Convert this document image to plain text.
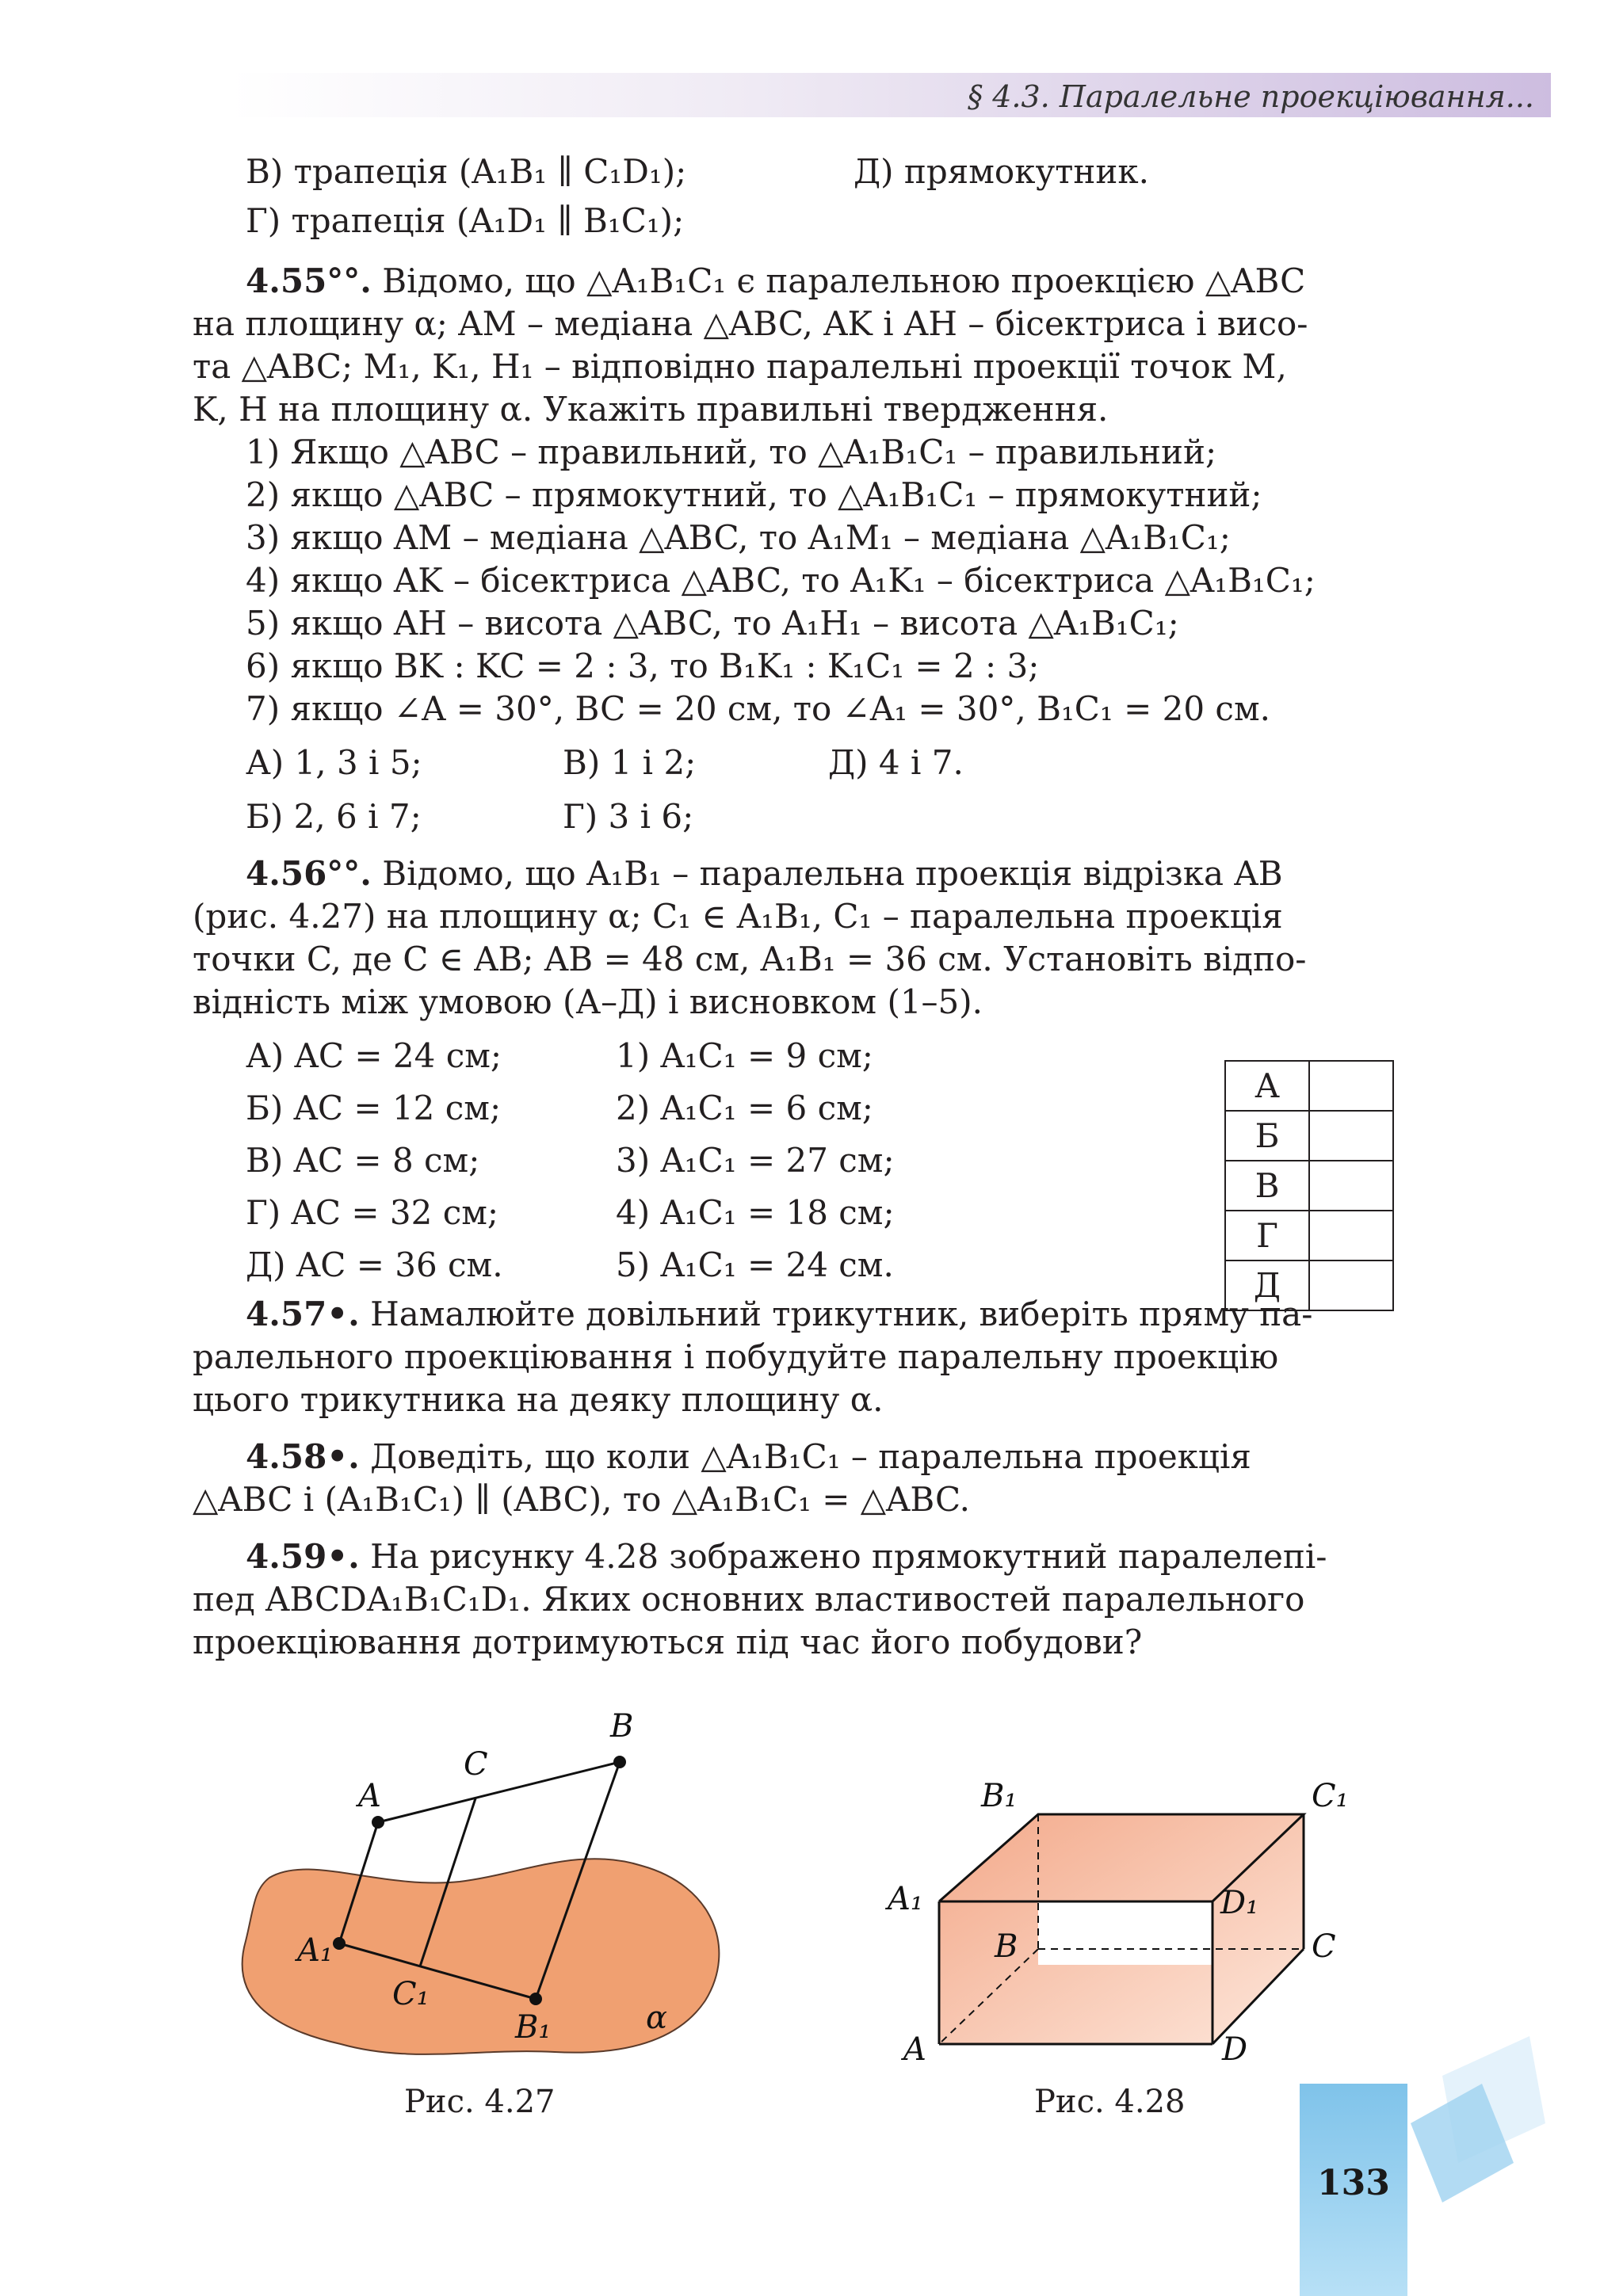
§ 4.3. Паралельне проекціювання...
В) трапеція (A₁B₁ ∥ C₁D₁);	Д) прямокутник.
Г) трапеція (A₁D₁ ∥ B₁C₁);
4.55°°. Відомо, що △A₁B₁C₁ є паралельною проекцією △ABC
на площину α; AM – медіана △ABC, AK і AH – бісектриса і висо-
та △ABC; M₁, K₁, H₁ – відповідно паралельні проекції точок M,
K, H на площину α. Укажіть правильні твердження.
1) Якщо △ABC – правильний, то △A₁B₁C₁ – правильний;
2) якщо △ABC – прямокутний, то △A₁B₁C₁ – прямокутний;
3) якщо AM – медіана △ABC, то A₁M₁ – медіана △A₁B₁C₁;
4) якщо AK – бісектриса △ABC, то A₁K₁ – бісектриса △A₁B₁C₁;
5) якщо AH – висота △ABC, то A₁H₁ – висота △A₁B₁C₁;
6) якщо BK : KC = 2 : 3, то B₁K₁ : K₁C₁ = 2 : 3;
7) якщо ∠A = 30°, BC = 20 см, то ∠A₁ = 30°, B₁C₁ = 20 см.
А) 1, 3 і 5;	В) 1 і 2;	Д) 4 і 7.
Б) 2, 6 і 7;	Г) 3 і 6;
4.56°°. Відомо, що A₁B₁ – паралельна проекція відрізка AB
(рис. 4.27) на площину α; C₁ ∈ A₁B₁, C₁ – паралельна проекція
точки C, де C ∈ AB; AB = 48 см, A₁B₁ = 36 см. Установіть відпо-
відність між умовою (А–Д) і висновком (1–5).
А) AC = 24 см;	1) A₁C₁ = 9 см;
Б) AC = 12 см;	2) A₁C₁ = 6 см;
В) AC = 8 см;	3) A₁C₁ = 27 см;
Г) AC = 32 см;	4) A₁C₁ = 18 см;
Д) AC = 36 см.	5) A₁C₁ = 24 см.
4.57•. Намалюйте довільний трикутник, виберіть пряму па-
ралельного проекціювання і побудуйте паралельну проекцію
цього трикутника на деяку площину α.
4.58•. Доведіть, що коли △A₁B₁C₁ – паралельна проекція
△ABC і (A₁B₁C₁) ∥ (ABC), то △A₁B₁C₁ = △ABC.
4.59•. На рисунку 4.28 зображено прямокутний паралелепі-
пед ABCDA₁B₁C₁D₁. Яких основних властивостей паралельного
проекціювання дотримуються під час його побудови?
А	
Б	
В	
Г	
Д	
A
C
B
A₁
C₁
B₁	α
Рис. 4.27
B₁	C₁
A₁	D₁
B	C
A	D
Рис. 4.28
133
